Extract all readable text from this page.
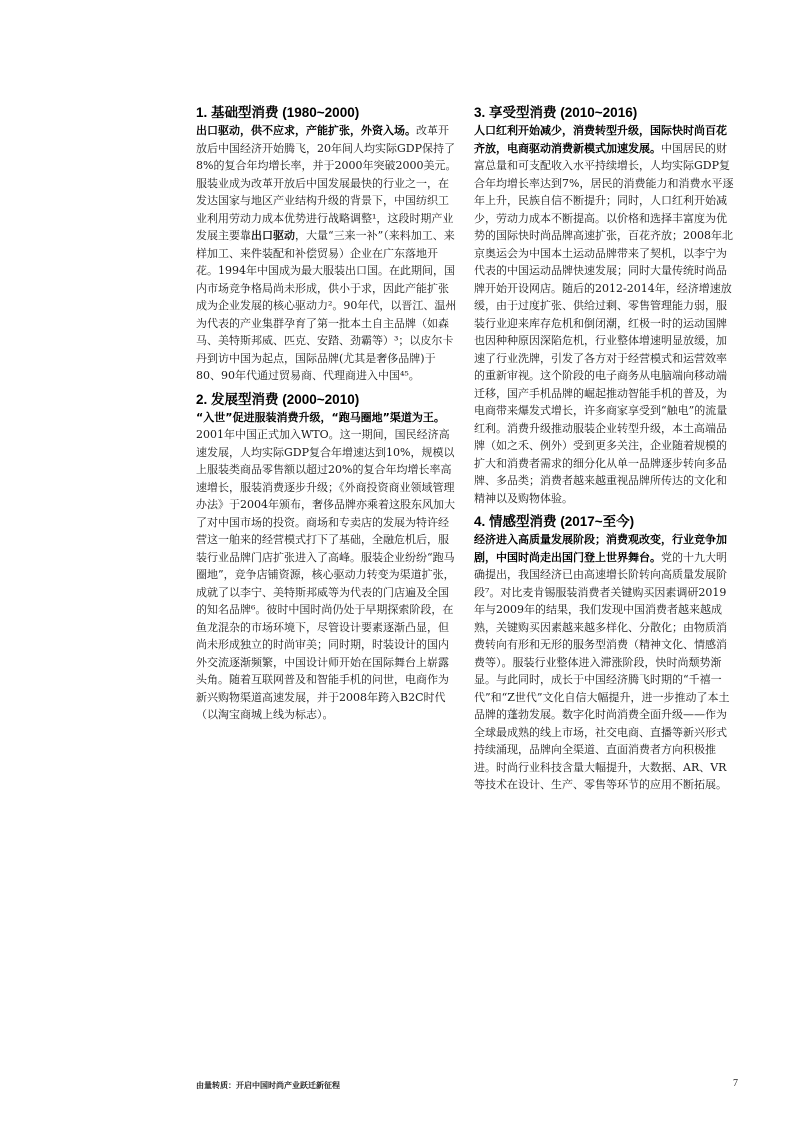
1. 基础型消费 (1980~2000)

出口驱动，供不应求，产能扩张，外资入场。改革开放后中国经济开始腾飞，20年间人均实际GDP保持了8%的复合年均增长率，并于2000年突破2000美元。服装业成为改革开放后中国发展最快的行业之一，在发达国家与地区产业结构升级的背景下，中国纺织工业利用劳动力成本优势进行战略调整¹，这段时期产业发展主要靠出口驱动，大量“三来一补”（来料加工、来样加工、来件装配和补偿贸易）企业在广东落地开花。1994年中国成为最大服装出口国。在此期间，国内市场竞争格局尚未形成，供小于求，因此产能扩张成为企业发展的核心驱动力²。90年代，以晋江、温州为代表的产业集群孕育了第一批本土自主品牌（如森马、美特斯邦威、匹克、安踏、劲霸等）³；以皮尔卡丹到访中国为起点，国际品牌(尤其是奢侈品牌)于80、90年代通过贸易商、代理商进入中国⁴⁵。

2. 发展型消费 (2000~2010)

“入世”促进服装消费升级，“跑马圈地”渠道为王。2001年中国正式加入WTO。这一期间，国民经济高速发展，人均实际GDP复合年增速达到10%，规模以上服装类商品零售额以超过20%的复合年均增长率高速增长，服装消费逐步升级；《外商投资商业领域管理办法》于2004年颁布，奢侈品牌亦乘着这股东风加大了对中国市场的投资。商场和专卖店的发展为特许经营这一舶来的经营模式打下了基础，全融危机后，服装行业品牌门店扩张进入了高峰。服装企业纷纷“跑马圈地”，竞争店铺资源，核心驱动力转变为渠道扩张，成就了以李宁、美特斯邦威等为代表的门店遍及全国的知名品牌⁶。彼时中国时尚仍处于早期探索阶段，在鱼龙混杂的市场环境下，尽管设计要素逐渐凸显，但尚未形成独立的时尚审美；同时期，时装设计的国内外交流逐渐频繁，中国设计师开始在国际舞台上崭露头角。随着互联网普及和智能手机的问世，电商作为新兴购物渠道高速发展，并于2008年跨入B2C时代（以淘宝商城上线为标志）。

3. 享受型消费 (2010~2016)

人口红利开始减少，消费转型升级，国际快时尚百花齐放，电商驱动消费新模式加速发展。中国居民的财富总量和可支配收入水平持续增长，人均实际GDP复合年均增长率达到7%，居民的消费能力和消费水平逐年上升，民族自信不断提升；同时，人口红利开始减少，劳动力成本不断提高。以价格和选择丰富度为优势的国际快时尚品牌高速扩张，百花齐放；2008年北京奥运会为中国本土运动品牌带来了契机，以李宁为代表的中国运动品牌快速发展；同时大量传统时尚品牌开始开设网店。随后的2012-2014年，经济增速放缓，由于过度扩张、供给过剩、零售管理能力弱，服装行业迎来库存危机和倒闭潮，红极一时的运动国牌也因种种原因深陷危机，行业整体增速明显放缓，加速了行业洗牌，引发了各方对于经营模式和运营效率的重新审视。这个阶段的电子商务从电脑端向移动端迁移，国产手机品牌的崛起推动智能手机的普及，为电商带来爆发式增长，许多商家享受到“触电”的流量红利。消费升级推动服装企业转型升级，本土高端品牌（如之禾、例外）受到更多关注，企业随着规模的扩大和消费者需求的细分化从单一品牌逐步转向多品牌、多品类；消费者越来越重视品牌所传达的文化和精神以及购物体验。

4. 情感型消费 (2017~至今)

经济进入高质量发展阶段；消费观改变，行业竞争加剧，中国时尚走出国门登上世界舞台。党的十九大明确提出，我国经济已由高速增长阶转向高质量发展阶段⁷。对比麦肯锡服装消费者关键购买因素调研2019年与2009年的结果，我们发现中国消费者越来越成熟，关键购买因素越来越多样化、分散化；由物质消费转向有形和无形的服务型消费（精神文化、情感消费等）。服装行业整体进入滞涨阶段，快时尚颓势渐显。与此同时，成长于中国经济腾飞时期的“千禧一代”和“Z世代”文化自信大幅提升，进一步推动了本土品牌的蓬勃发展。数字化时尚消费全面升级——作为全球最成熟的线上市场，社交电商、直播等新兴形式持续涌现，品牌向全渠道、直面消费者方向积极推进。时尚行业科技含量大幅提升，大数据、AR、VR等技术在设计、生产、零售等环节的应用不断拓展。

由量转质：开启中国时尚产业跃迁新征程	7
